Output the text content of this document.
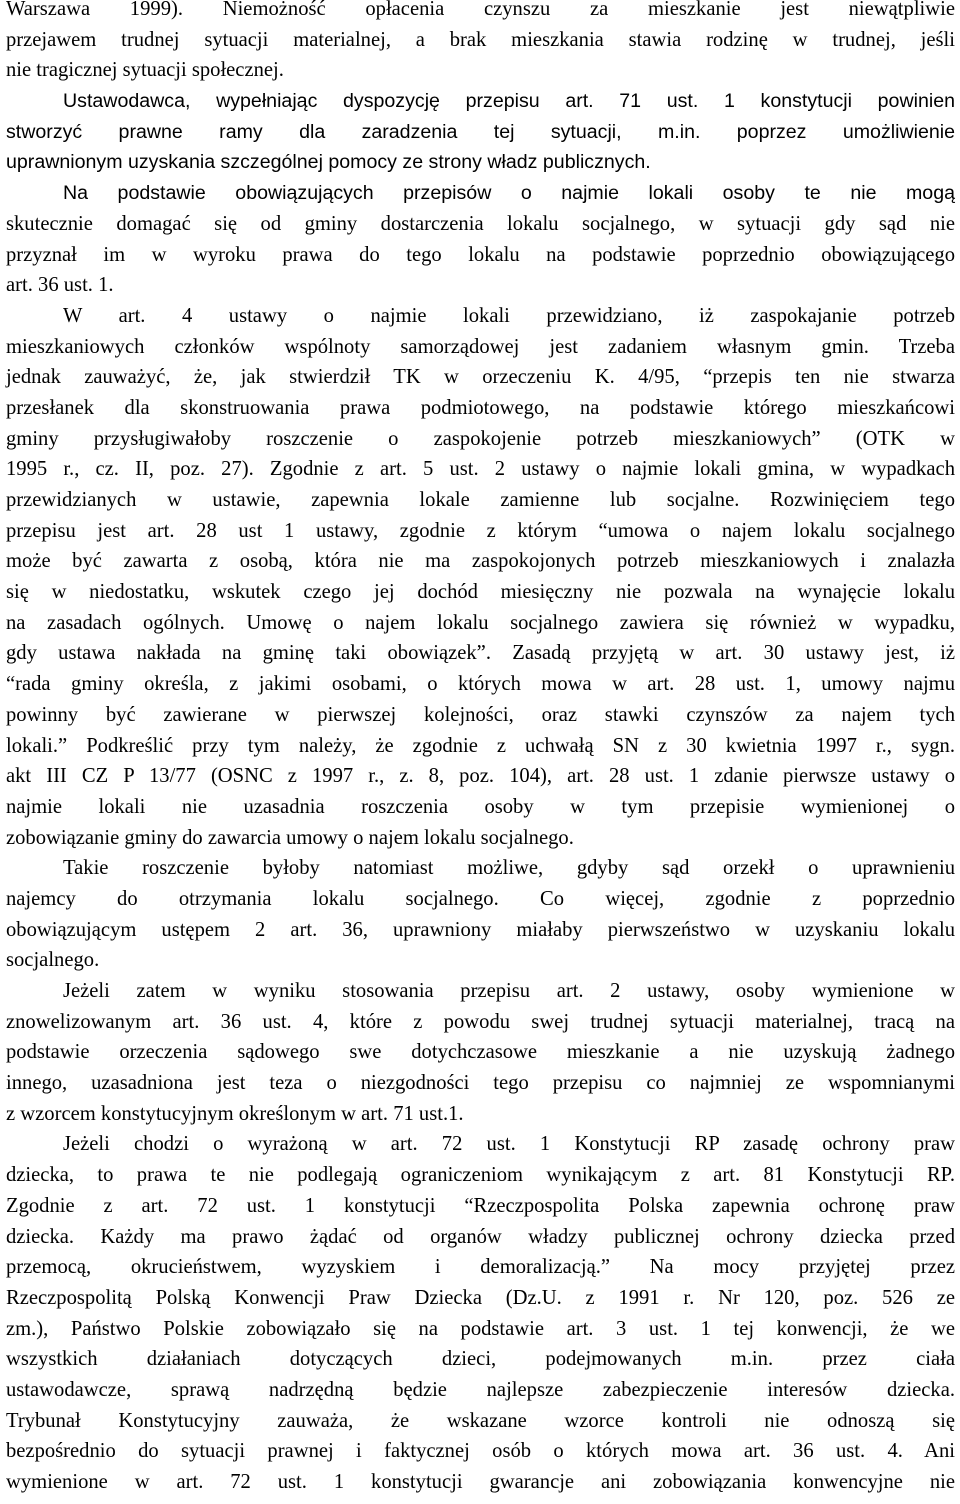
Warszawa 1999). Niemożność opłacenia czynszu za mieszkanie jest niewątpliwie
przejawem trudnej sytuacji materialnej, a brak mieszkania stawia rodzinę w trudnej, jeśli
nie tragicznej sytuacji społecznej.
Ustawodawca, wypełniając dyspozycję przepisu art. 71 ust. 1 konstytucji powinien
stworzyć prawne ramy dla zaradzenia tej sytuacji, m.in. poprzez umożliwienie
uprawnionym uzyskania szczególnej pomocy ze strony władz publicznych.
Na podstawie obowiązujących przepisów o najmie lokali osoby te nie mogą
skutecznie domagać się od gminy dostarczenia lokalu socjalnego, w sytuacji gdy sąd nie
przyznał im w wyroku prawa do tego lokalu na podstawie poprzednio obowiązującego
art. 36 ust. 1.
W art. 4 ustawy o najmie lokali przewidziano, iż zaspokajanie potrzeb
mieszkaniowych członków wspólnoty samorządowej jest zadaniem własnym gmin. Trzeba
jednak zauważyć, że, jak stwierdził TK w orzeczeniu K. 4/95, “przepis ten nie stwarza
przesłanek dla skonstruowania prawa podmiotowego, na podstawie którego mieszkańcowi
gminy przysługiwałoby roszczenie o zaspokojenie potrzeb mieszkaniowych” (OTK w
1995 r., cz. II, poz. 27). Zgodnie z art. 5 ust. 2 ustawy o najmie lokali gmina, w wypadkach
przewidzianych w ustawie, zapewnia lokale zamienne lub socjalne. Rozwinięciem tego
przepisu jest art. 28 ust 1 ustawy, zgodnie z którym “umowa o najem lokalu socjalnego
może być zawarta z osobą, która nie ma zaspokojonych potrzeb mieszkaniowych i znalazła
się w niedostatku, wskutek czego jej dochód miesięczny nie pozwala na wynajęcie lokalu
na zasadach ogólnych. Umowę o najem lokalu socjalnego zawiera się również w wypadku,
gdy ustawa nakłada na gminę taki obowiązek”. Zasadą przyjętą w art. 30 ustawy jest, iż
“rada gminy określa, z jakimi osobami, o których mowa w art. 28 ust. 1, umowy najmu
powinny być zawierane w pierwszej kolejności, oraz stawki czynszów za najem tych
lokali.” Podkreślić przy tym należy, że zgodnie z uchwałą SN z 30 kwietnia 1997 r., sygn.
akt III CZ P 13/77 (OSNC z 1997 r., z. 8, poz. 104), art. 28 ust. 1 zdanie pierwsze ustawy o
najmie lokali nie uzasadnia roszczenia osoby w tym przepisie wymienionej o
zobowiązanie gminy do zawarcia umowy o najem lokalu socjalnego.
Takie roszczenie byłoby natomiast możliwe, gdyby sąd orzekł o uprawnieniu
najemcy do otrzymania lokalu socjalnego. Co więcej, zgodnie z poprzednio
obowiązującym ustępem 2 art. 36, uprawniony miałaby pierwszeństwo w uzyskaniu lokalu
socjalnego.
Jeżeli zatem w wyniku stosowania przepisu art. 2 ustawy, osoby wymienione w
znowelizowanym art. 36 ust. 4, które z powodu swej trudnej sytuacji materialnej, tracą na
podstawie orzeczenia sądowego swe dotychczasowe mieszkanie a nie uzyskują żadnego
innego, uzasadniona jest teza o niezgodności tego przepisu co najmniej ze wspomnianymi
z wzorcem konstytucyjnym określonym w art. 71 ust.1.
Jeżeli chodzi o wyrażoną w art. 72 ust. 1 Konstytucji RP zasadę ochrony praw
dziecka, to prawa te nie podlegają ograniczeniom wynikającym z art. 81 Konstytucji RP.
Zgodnie z art. 72 ust. 1 konstytucji “Rzeczpospolita Polska zapewnia ochronę praw
dziecka. Każdy ma prawo żądać od organów władzy publicznej ochrony dziecka przed
przemocą, okrucieństwem, wyzyskiem i demoralizacją.” Na mocy przyjętej przez
Rzeczpospolitą Polską Konwencji Praw Dziecka (Dz.U. z 1991 r. Nr 120, poz. 526 ze
zm.), Państwo Polskie zobowiązało się na podstawie art. 3 ust. 1 tej konwencji, że we
wszystkich działaniach dotyczących dzieci, podejmowanych m.in. przez ciała
ustawodawcze, sprawą nadrzędną będzie najlepsze zabezpieczenie interesów dziecka.
Trybunał Konstytucyjny zauważa, że wskazane wzorce kontroli nie odnoszą się
bezpośrednio do sytuacji prawnej i faktycznej osób o których mowa art. 36 ust. 4. Ani
wymienione w art. 72 ust. 1 konstytucji gwarancje ani zobowiązania konwencyjne nie
